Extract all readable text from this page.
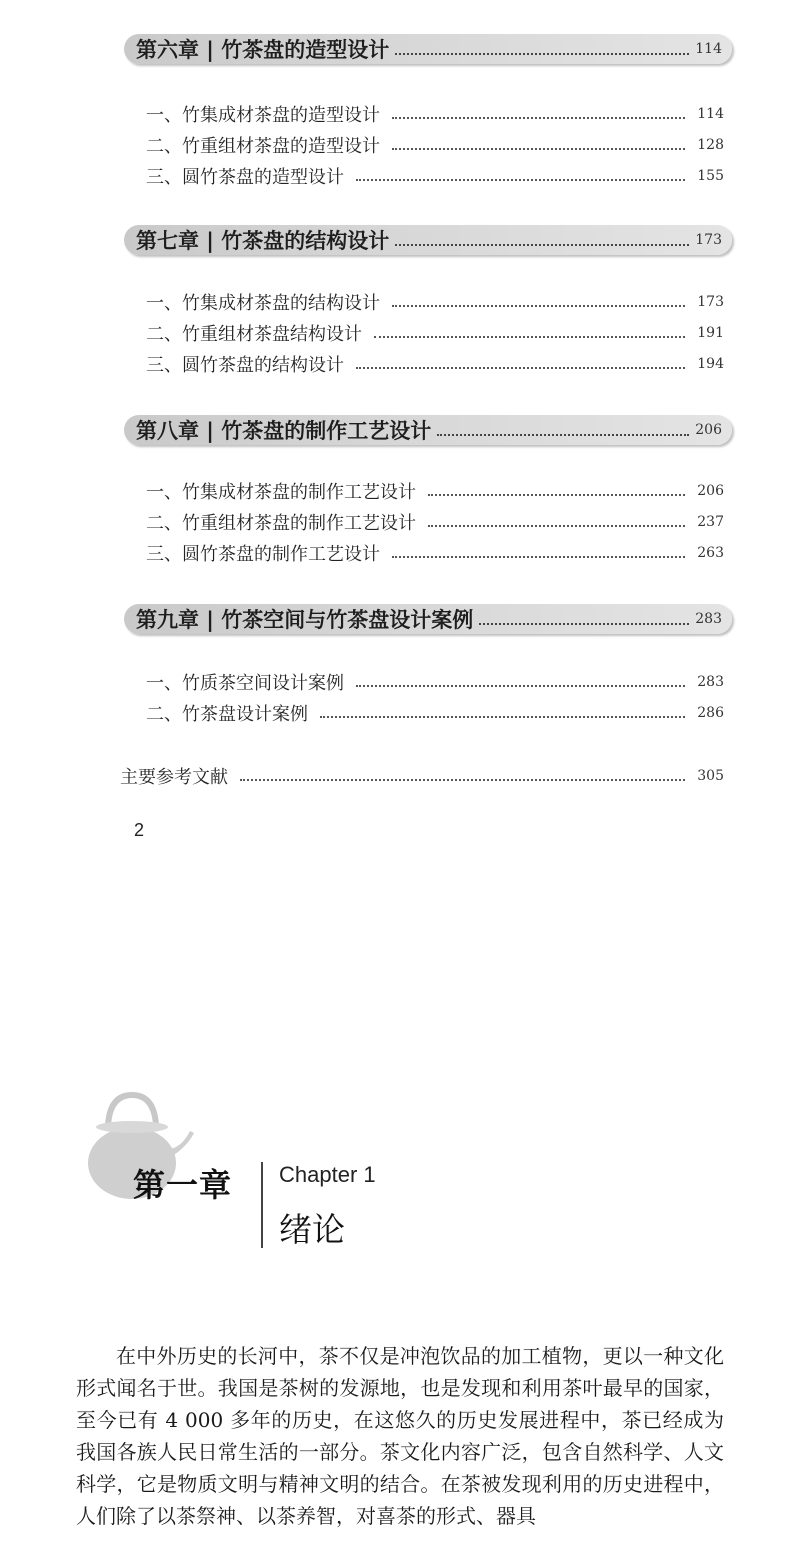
第六章 | 竹茶盘的造型设计	114
一、竹集成材茶盘的造型设计	114
二、竹重组材茶盘的造型设计	128
三、圆竹茶盘的造型设计	155
第七章 | 竹茶盘的结构设计	173
一、竹集成材茶盘的结构设计	173
二、竹重组材茶盘结构设计	191
三、圆竹茶盘的结构设计	194
第八章 | 竹茶盘的制作工艺设计	206
一、竹集成材茶盘的制作工艺设计	206
二、竹重组材茶盘的制作工艺设计	237
三、圆竹茶盘的制作工艺设计	263
第九章 | 竹茶空间与竹茶盘设计案例	283
一、竹质茶空间设计案例	283
二、竹茶盘设计案例	286
主要参考文献	305
2
第一章 Chapter 1
绪论

在中外历史的长河中，茶不仅是冲泡饮品的加工植物，更以一种文化形式闻名于世。我国是茶树的发源地，也是发现和利用茶叶最早的国家，至今已有 4 000 多年的历史，在这悠久的历史发展进程中，茶已经成为我国各族人民日常生活的一部分。茶文化内容广泛，包含自然科学、人文科学，它是物质文明与精神文明的结合。在茶被发现利用的历史进程中，人们除了以茶祭神、以茶养智，对喜茶的形式、器具
